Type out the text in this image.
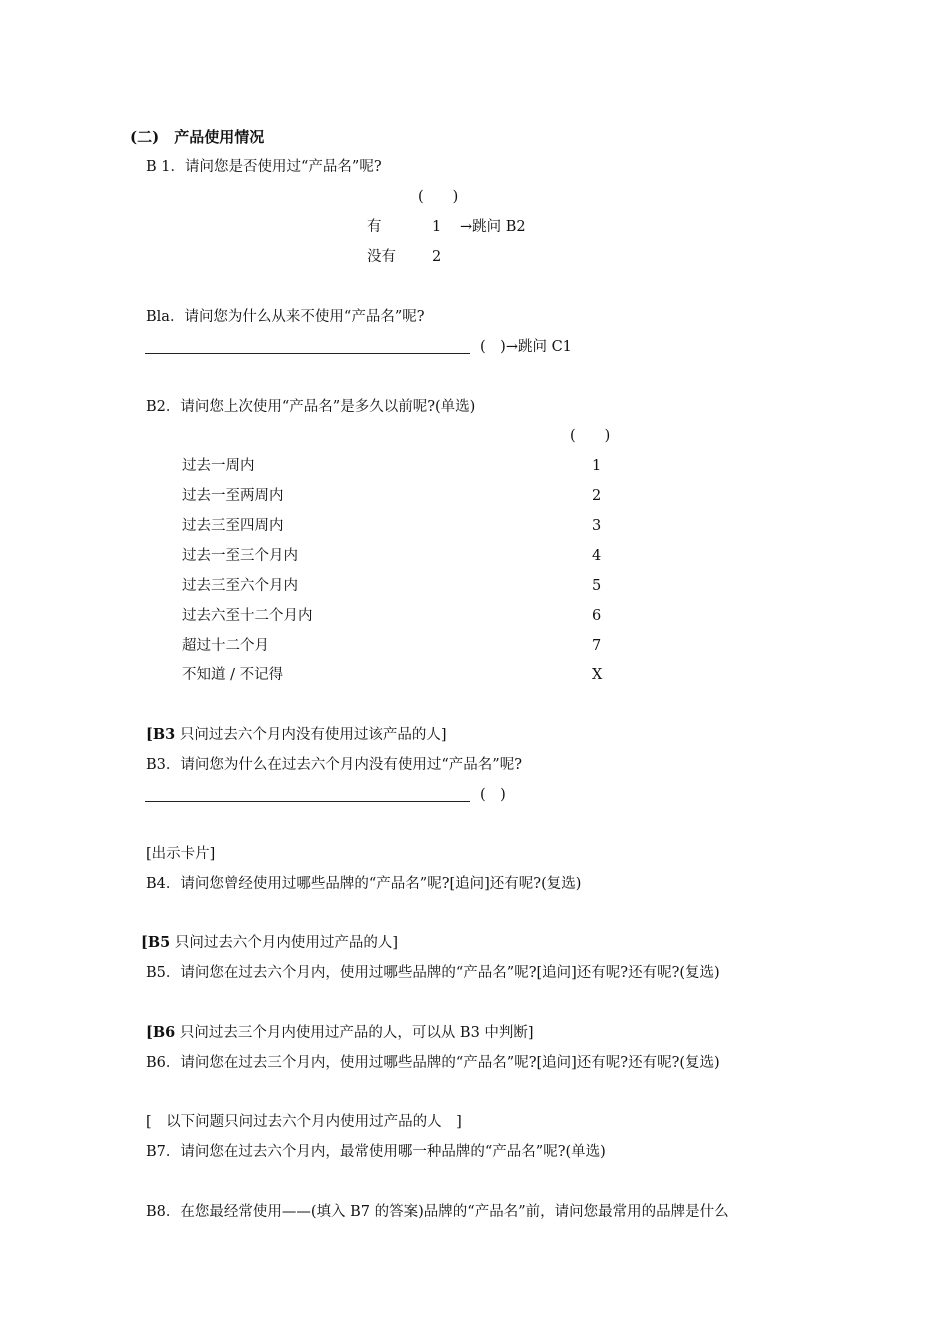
(二)　产品使用情况
B 1．请问您是否使用过“产品名”呢?
(　　)
有	1 →跳问 B2
没有 2
Bla．请问您为什么从来不使用“产品名”呢?
(　)→跳问 C1
B2．请问您上次使用“产品名”是多久以前呢?(单选)
(　　)
过去一周内	1
过去一至两周内	2
过去三至四周内	3
过去一至三个月内	4
过去三至六个月内	5
过去六至十二个月内	6
超过十二个月	7
不知道 / 不记得	X
[B3 只问过去六个月内没有使用过该产品的人]
B3．请问您为什么在过去六个月内没有使用过“产品名”呢?
(　)
[出示卡片]
B4．请问您曾经使用过哪些品牌的“产品名”呢?[追问]还有呢?(复选)
[B5 只问过去六个月内使用过产品的人]
B5．请问您在过去六个月内，使用过哪些品牌的“产品名”呢?[追问]还有呢?还有呢?(复选)
[B6 只问过去三个月内使用过产品的人，可以从 B3 中判断]
B6．请问您在过去三个月内，使用过哪些品牌的“产品名”呢?[追问]还有呢?还有呢?(复选)
[　以下问题只问过去六个月内使用过产品的人　]
B7．请问您在过去六个月内，最常使用哪一种品牌的“产品名”呢?(单选)
B8．在您最经常使用——(填入 B7 的答案)品牌的“产品名”前，请问您最常用的品牌是什么
